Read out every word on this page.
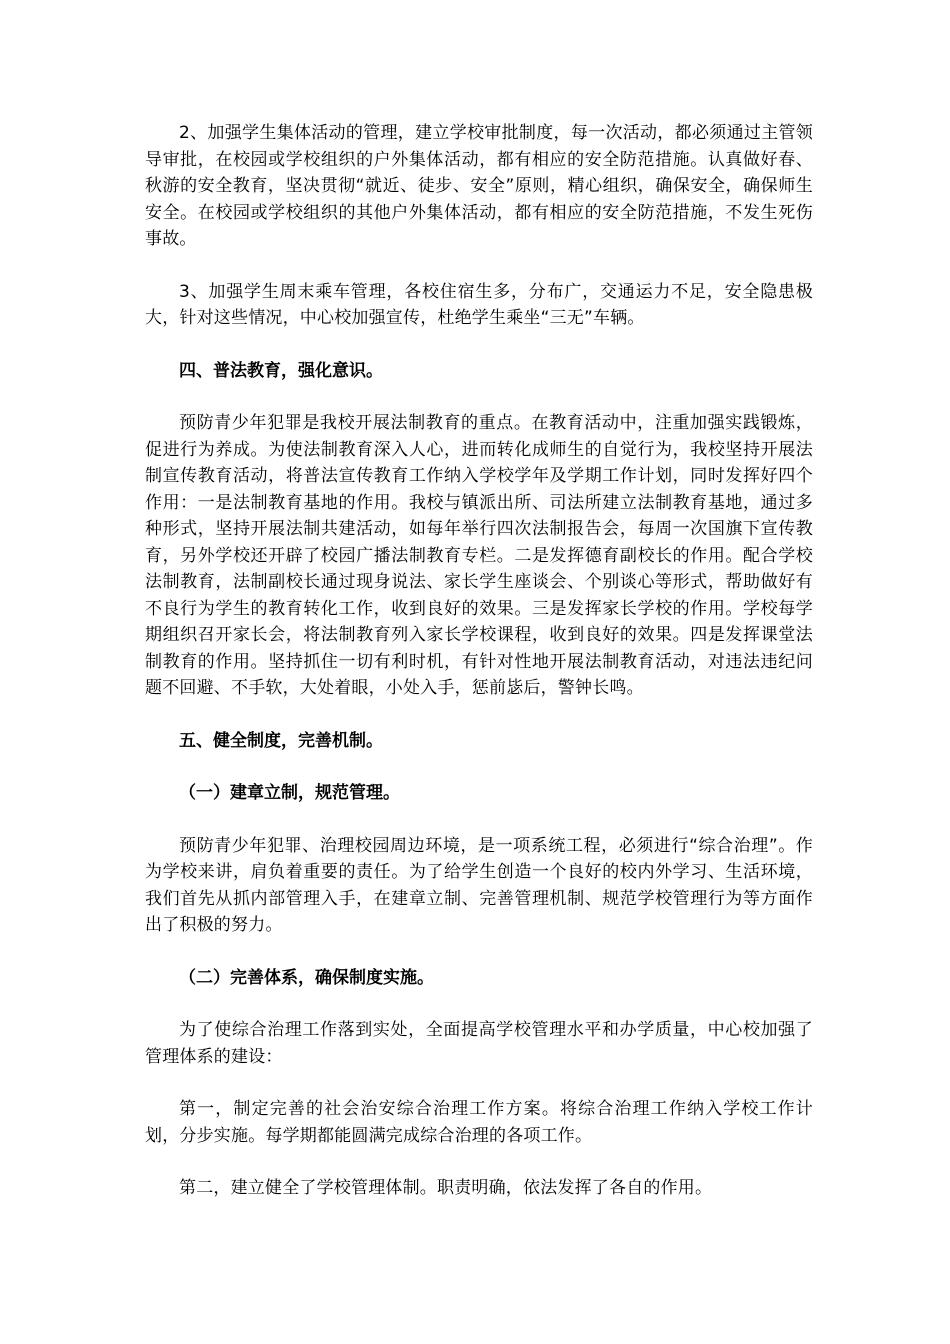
2、加强学生集体活动的管理，建立学校审批制度，每一次活动，都必须通过主管领导审批，在校园或学校组织的户外集体活动，都有相应的安全防范措施。认真做好春、秋游的安全教育，坚决贯彻“就近、徒步、安全”原则，精心组织，确保安全，确保师生安全。在校园或学校组织的其他户外集体活动，都有相应的安全防范措施，不发生死伤事故。

3、加强学生周末乘车管理，各校住宿生多，分布广，交通运力不足，安全隐患极大，针对这些情况，中心校加强宣传，杜绝学生乘坐“三无”车辆。

四、普法教育，强化意识。

预防青少年犯罪是我校开展法制教育的重点。在教育活动中，注重加强实践锻炼，促进行为养成。为使法制教育深入人心，进而转化成师生的自觉行为，我校坚持开展法制宣传教育活动，将普法宣传教育工作纳入学校学年及学期工作计划，同时发挥好四个作用：一是法制教育基地的作用。我校与镇派出所、司法所建立法制教育基地，通过多种形式，坚持开展法制共建活动，如每年举行四次法制报告会，每周一次国旗下宣传教育，另外学校还开辟了校园广播法制教育专栏。二是发挥德育副校长的作用。配合学校法制教育，法制副校长通过现身说法、家长学生座谈会、个别谈心等形式，帮助做好有不良行为学生的教育转化工作，收到良好的效果。三是发挥家长学校的作用。学校每学期组织召开家长会，将法制教育列入家长学校课程，收到良好的效果。四是发挥课堂法制教育的作用。坚持抓住一切有利时机，有针对性地开展法制教育活动，对违法违纪问题不回避、不手软，大处着眼，小处入手，惩前毖后，警钟长鸣。

五、健全制度，完善机制。

（一）建章立制，规范管理。

预防青少年犯罪、治理校园周边环境，是一项系统工程，必须进行“综合治理”。作为学校来讲，肩负着重要的责任。为了给学生创造一个良好的校内外学习、生活环境，我们首先从抓内部管理入手，在建章立制、完善管理机制、规范学校管理行为等方面作出了积极的努力。

（二）完善体系，确保制度实施。

为了使综合治理工作落到实处，全面提高学校管理水平和办学质量，中心校加强了管理体系的建设：

第一，制定完善的社会治安综合治理工作方案。将综合治理工作纳入学校工作计划，分步实施。每学期都能圆满完成综合治理的各项工作。

第二，建立健全了学校管理体制。职责明确，依法发挥了各自的作用。
